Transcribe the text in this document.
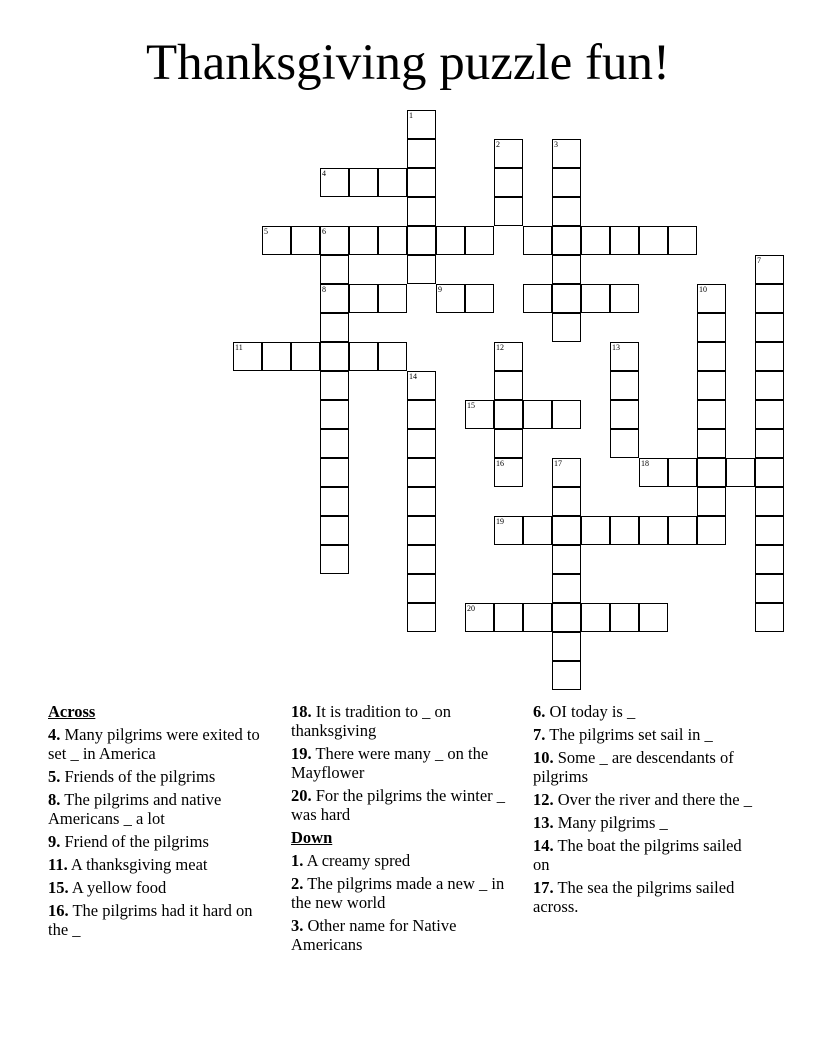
Thanksgiving puzzle fun!
1
2	3
4
5	6
7
8	9	10
11	12	13
14
15
16	17	18
19
20
Across
4. Many pilgrims were exited to set _ in America
5. Friends of the pilgrims
8. The pilgrims and native Americans _ a lot
9. Friend of the pilgrims
11. A thanksgiving meat
15. A yellow food
16. The pilgrims had it hard on the _
18. It is tradition to _ on thanksgiving
19. There were many _ on the Mayflower
20. For the pilgrims the winter _ was hard
Down
1. A creamy spred
2. The pilgrims made a new _ in the new world
3. Other name for Native Americans
6. OI today is _
7. The pilgrims set sail in _
10. Some _ are descendants of pilgrims
12. Over the river and there the _
13. Many pilgrims _
14. The boat the pilgrims sailed on
17. The sea the pilgrims sailed across.
